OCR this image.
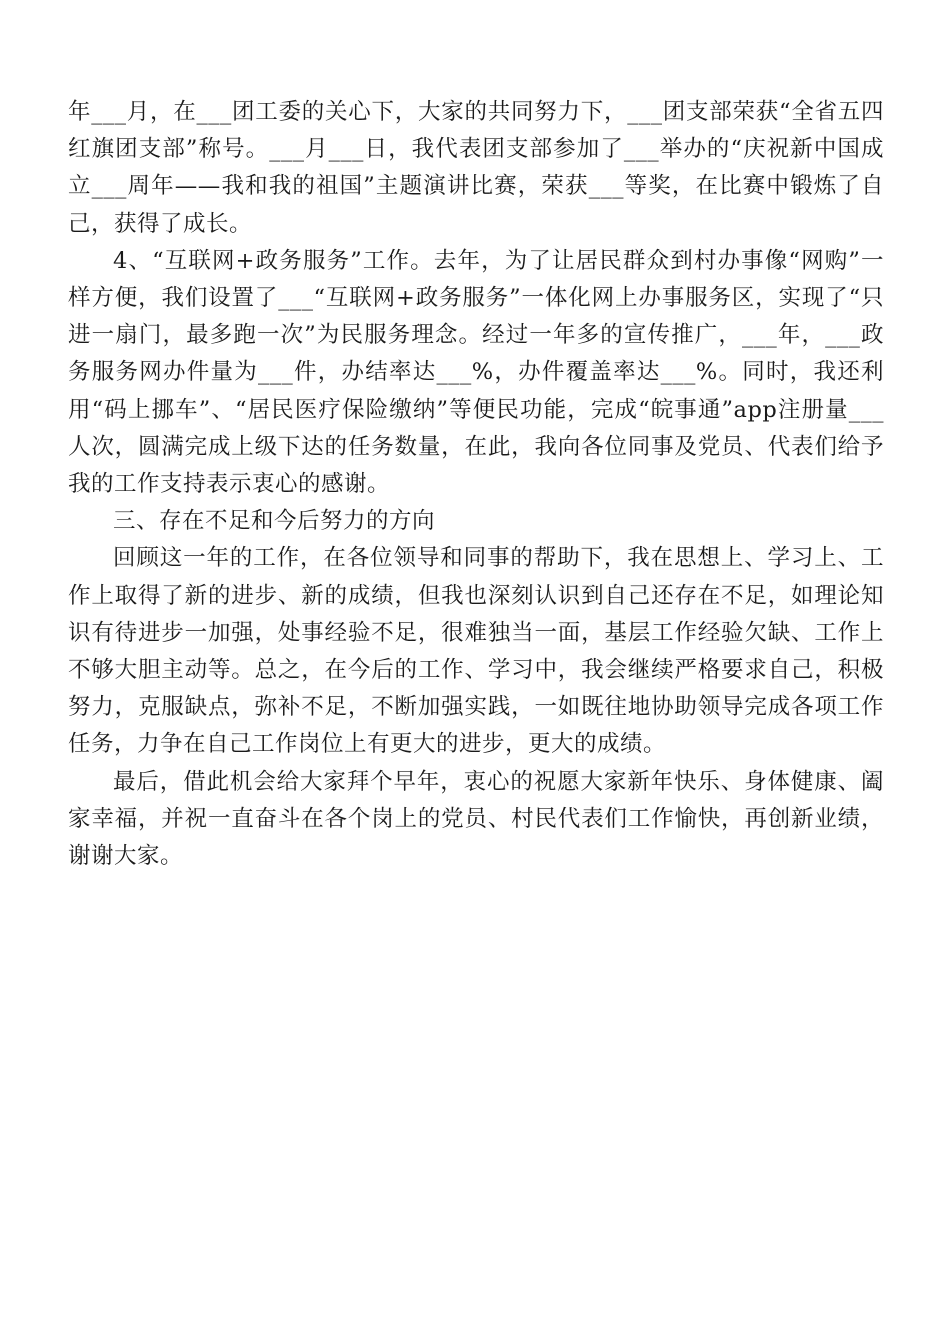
年___月，在___团工委的关心下，大家的共同努力下，___团支部荣获“全省五四红旗团支部”称号。___月___日，我代表团支部参加了___举办的“庆祝新中国成立___周年——我和我的祖国”主题演讲比赛，荣获___等奖，在比赛中锻炼了自己，获得了成长。

4、“互联网+政务服务”工作。去年，为了让居民群众到村办事像“网购”一样方便，我们设置了___“互联网+政务服务”一体化网上办事服务区，实现了“只进一扇门，最多跑一次”为民服务理念。经过一年多的宣传推广，___年，___政务服务网办件量为___件，办结率达___%，办件覆盖率达___%。同时，我还利用“码上挪车”、“居民医疗保险缴纳”等便民功能，完成“皖事通”app注册量___人次，圆满完成上级下达的任务数量，在此，我向各位同事及党员、代表们给予我的工作支持表示衷心的感谢。

三、存在不足和今后努力的方向

回顾这一年的工作，在各位领导和同事的帮助下，我在思想上、学习上、工作上取得了新的进步、新的成绩，但我也深刻认识到自己还存在不足，如理论知识有待进步一加强，处事经验不足，很难独当一面，基层工作经验欠缺、工作上不够大胆主动等。总之，在今后的工作、学习中，我会继续严格要求自己，积极努力，克服缺点，弥补不足，不断加强实践，一如既往地协助领导完成各项工作任务，力争在自己工作岗位上有更大的进步，更大的成绩。

最后，借此机会给大家拜个早年，衷心的祝愿大家新年快乐、身体健康、阖家幸福，并祝一直奋斗在各个岗上的党员、村民代表们工作愉快，再创新业绩，谢谢大家。
